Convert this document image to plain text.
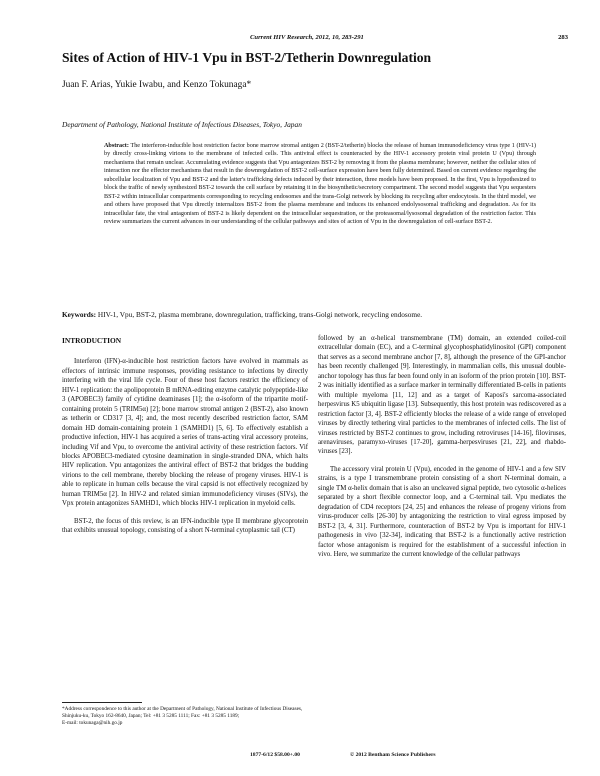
Current HIV Research, 2012, 10, 283-291	283
Sites of Action of HIV-1 Vpu in BST-2/Tetherin Downregulation
Juan F. Arias, Yukie Iwabu, and Kenzo Tokunaga*
Department of Pathology, National Institute of Infectious Diseases, Tokyo, Japan
Abstract: The interferon-inducible host restriction factor bone marrow stromal antigen 2 (BST-2/tetherin) blocks the release of human immunodeficiency virus type 1 (HIV-1) by directly cross-linking virions to the membrane of infected cells. This antiviral effect is counteracted by the HIV-1 accessory protein viral protein U (Vpu) through mechanisms that remain unclear. Accumulating evidence suggests that Vpu antagonizes BST-2 by removing it from the plasma membrane; however, neither the cellular sites of interaction nor the effector mechanisms that result in the downregulation of BST-2 cell-surface expression have been fully determined. Based on current evidence regarding the subcellular localization of Vpu and BST-2 and the latter's trafficking defects induced by their interaction, three models have been proposed. In the first, Vpu is hypothesized to block the traffic of newly synthesized BST-2 towards the cell surface by retaining it in the biosynthetic/secretory compartment. The second model suggests that Vpu sequesters BST-2 within intracellular compartments corresponding to recycling endosomes and the trans-Golgi network by blocking its recycling after endocytosis. In the third model, we and others have proposed that Vpu directly internalizes BST-2 from the plasma membrane and induces its enhanced endolysosomal trafficking and degradation. As for its intracellular fate, the viral antagonism of BST-2 is likely dependent on the intracellular sequestration, or the proteasomal/lysosomal degradation of the restriction factor. This review summarizes the current advances in our understanding of the cellular pathways and sites of action of Vpu in the downregulation of cell-surface BST-2.
Keywords: HIV-1, Vpu, BST-2, plasma membrane, downregulation, trafficking, trans-Golgi network, recycling endosome.
INTRODUCTION

Interferon (IFN)-α-inducible host restriction factors have evolved in mammals as effectors of intrinsic immune responses, providing resistance to infections by directly interfering with the viral life cycle. Four of these host factors restrict the efficiency of HIV-1 replication: the apolipoprotein B mRNA-editing enzyme catalytic polypeptide-like 3 (APOBEC3) family of cytidine deaminases [1]; the α-isoform of the tripartite motif-containing protein 5 (TRIM5α) [2]; bone marrow stromal antigen 2 (BST-2), also known as tetherin or CD317 [3, 4]; and, the most recently described restriction factor, SAM domain HD domain-containing protein 1 (SAMHD1) [5, 6]. To effectively establish a productive infection, HIV-1 has acquired a series of trans-acting viral accessory proteins, including Vif and Vpu, to overcome the antiviral activity of these restriction factors. Vif blocks APOBEC3-mediated cytosine deamination in single-stranded DNA, which halts HIV replication. Vpu antagonizes the antiviral effect of BST-2 that bridges the budding virions to the cell membrane, thereby blocking the release of progeny viruses. HIV-1 is able to replicate in human cells because the viral capsid is not effectively recognized by human TRIM5α [2]. In HIV-2 and related simian immunodeficiency viruses (SIVs), the Vpx protein antagonizes SAMHD1, which blocks HIV-1 replication in myeloid cells.

BST-2, the focus of this review, is an IFN-inducible type II membrane glycoprotein that exhibits unusual topology, consisting of a short N-terminal cytoplasmic tail (CT)

followed by an α-helical transmembrane (TM) domain, an extended coiled-coil extracellular domain (EC), and a C-terminal glycophosphatidylinositol (GPI) component that serves as a second membrane anchor [7, 8], although the presence of the GPI-anchor has been recently challenged [9]. Interestingly, in mammalian cells, this unusual double-anchor topology has thus far been found only in an isoform of the prion protein [10]. BST-2 was initially identified as a surface marker in terminally differentiated B-cells in patients with multiple myeloma [11, 12] and as a target of Kaposi's sarcoma-associated herpesvirus K5 ubiquitin ligase [13]. Subsequently, this host protein was rediscovered as a restriction factor [3, 4]. BST-2 efficiently blocks the release of a wide range of enveloped viruses by directly tethering viral particles to the membranes of infected cells. The list of viruses restricted by BST-2 continues to grow, including retroviruses [14-16], filoviruses, arenaviruses, paramyxo-viruses [17-20], gamma-herpesviruses [21, 22], and rhabdo-viruses [23].

The accessory viral protein U (Vpu), encoded in the genome of HIV-1 and a few SIV strains, is a type I transmembrane protein consisting of a short N-terminal domain, a single TM α-helix domain that is also an uncleaved signal peptide, two cytosolic α-helices separated by a short flexible connector loop, and a C-terminal tail. Vpu mediates the degradation of CD4 receptors [24, 25] and enhances the release of progeny virions from virus-producer cells [26-30] by antagonizing the restriction to viral egress imposed by BST-2 [3, 4, 31]. Furthermore, counteraction of BST-2 by Vpu is important for HIV-1 pathogenesis in vivo [32-34], indicating that BST-2 is a functionally active restriction factor whose antagonism is required for the establishment of a successful infection in vivo. Here, we summarize the current knowledge of the cellular pathways

*Address correspondence to this author at the Department of Pathology, National Institute of Infectious Diseases, Shinjuku-ku, Tokyo 162-8640, Japan; Tel: +81 3 5285 1111; Fax: +81 3 5285 1189;
E-mail: tokunaga@nih.go.jp
1877-6/12 $58.00+.00	© 2012 Bentham Science Publishers
